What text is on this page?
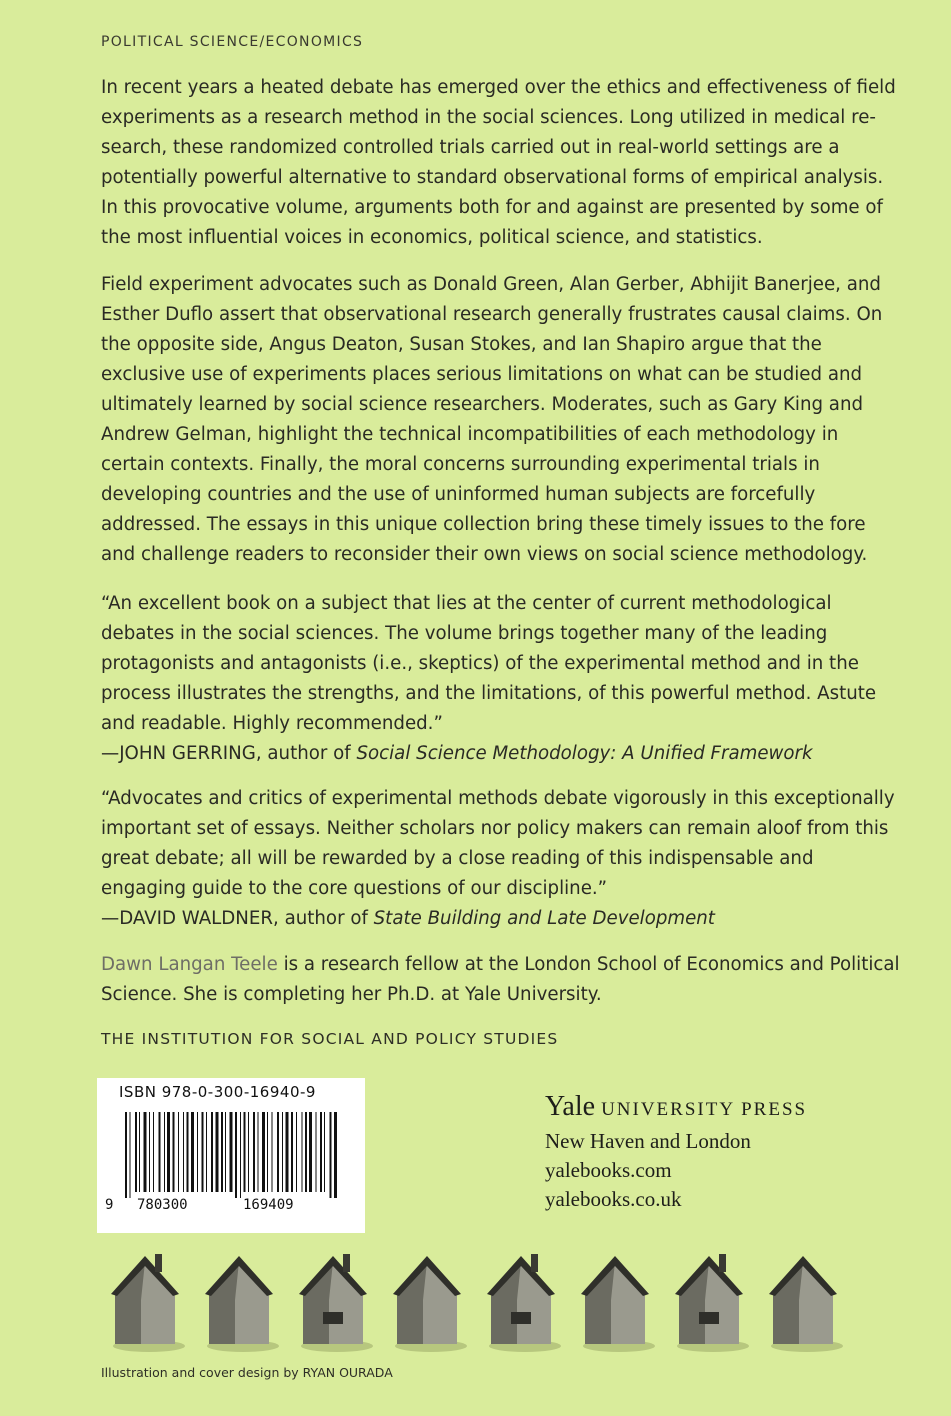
POLITICAL SCIENCE/ECONOMICS

In recent years a heated debate has emerged over the ethics and effectiveness of field experiments as a research method in the social sciences. Long utilized in medical research, these randomized controlled trials carried out in real-world settings are a potentially powerful alternative to standard observational forms of empirical analysis. In this provocative volume, arguments both for and against are presented by some of the most influential voices in economics, political science, and statistics.

Field experiment advocates such as Donald Green, Alan Gerber, Abhijit Banerjee, and Esther Duflo assert that observational research generally frustrates causal claims. On the opposite side, Angus Deaton, Susan Stokes, and Ian Shapiro argue that the exclusive use of experiments places serious limitations on what can be studied and ultimately learned by social science researchers. Moderates, such as Gary King and Andrew Gelman, highlight the technical incompatibilities of each methodology in certain contexts. Finally, the moral concerns surrounding experimental trials in developing countries and the use of uninformed human subjects are forcefully addressed. The essays in this unique collection bring these timely issues to the fore and challenge readers to reconsider their own views on social science methodology.

“An excellent book on a subject that lies at the center of current methodological debates in the social sciences. The volume brings together many of the leading protagonists and antagonists (i.e., skeptics) of the experimental method and in the process illustrates the strengths, and the limitations, of this powerful method. Astute and readable. Highly recommended.”
—JOHN GERRING, author of Social Science Methodology: A Unified Framework
“Advocates and critics of experimental methods debate vigorously in this exceptionally important set of essays. Neither scholars nor policy makers can remain aloof from this great debate; all will be rewarded by a close reading of this indispensable and engaging guide to the core questions of our discipline.”
—DAVID WALDNER, author of State Building and Late Development

Dawn Langan Teele is a research fellow at the London School of Economics and Political Science. She is completing her Ph.D. at Yale University.

THE INSTITUTION FOR SOCIAL AND POLICY STUDIES
ISBN 978-0-300-16940-9
9 780300	169409
Yale UNIVERSITY PRESS
New Haven and London
yalebooks.com
yalebooks.co.uk
Illustration and cover design by RYAN OURADA
